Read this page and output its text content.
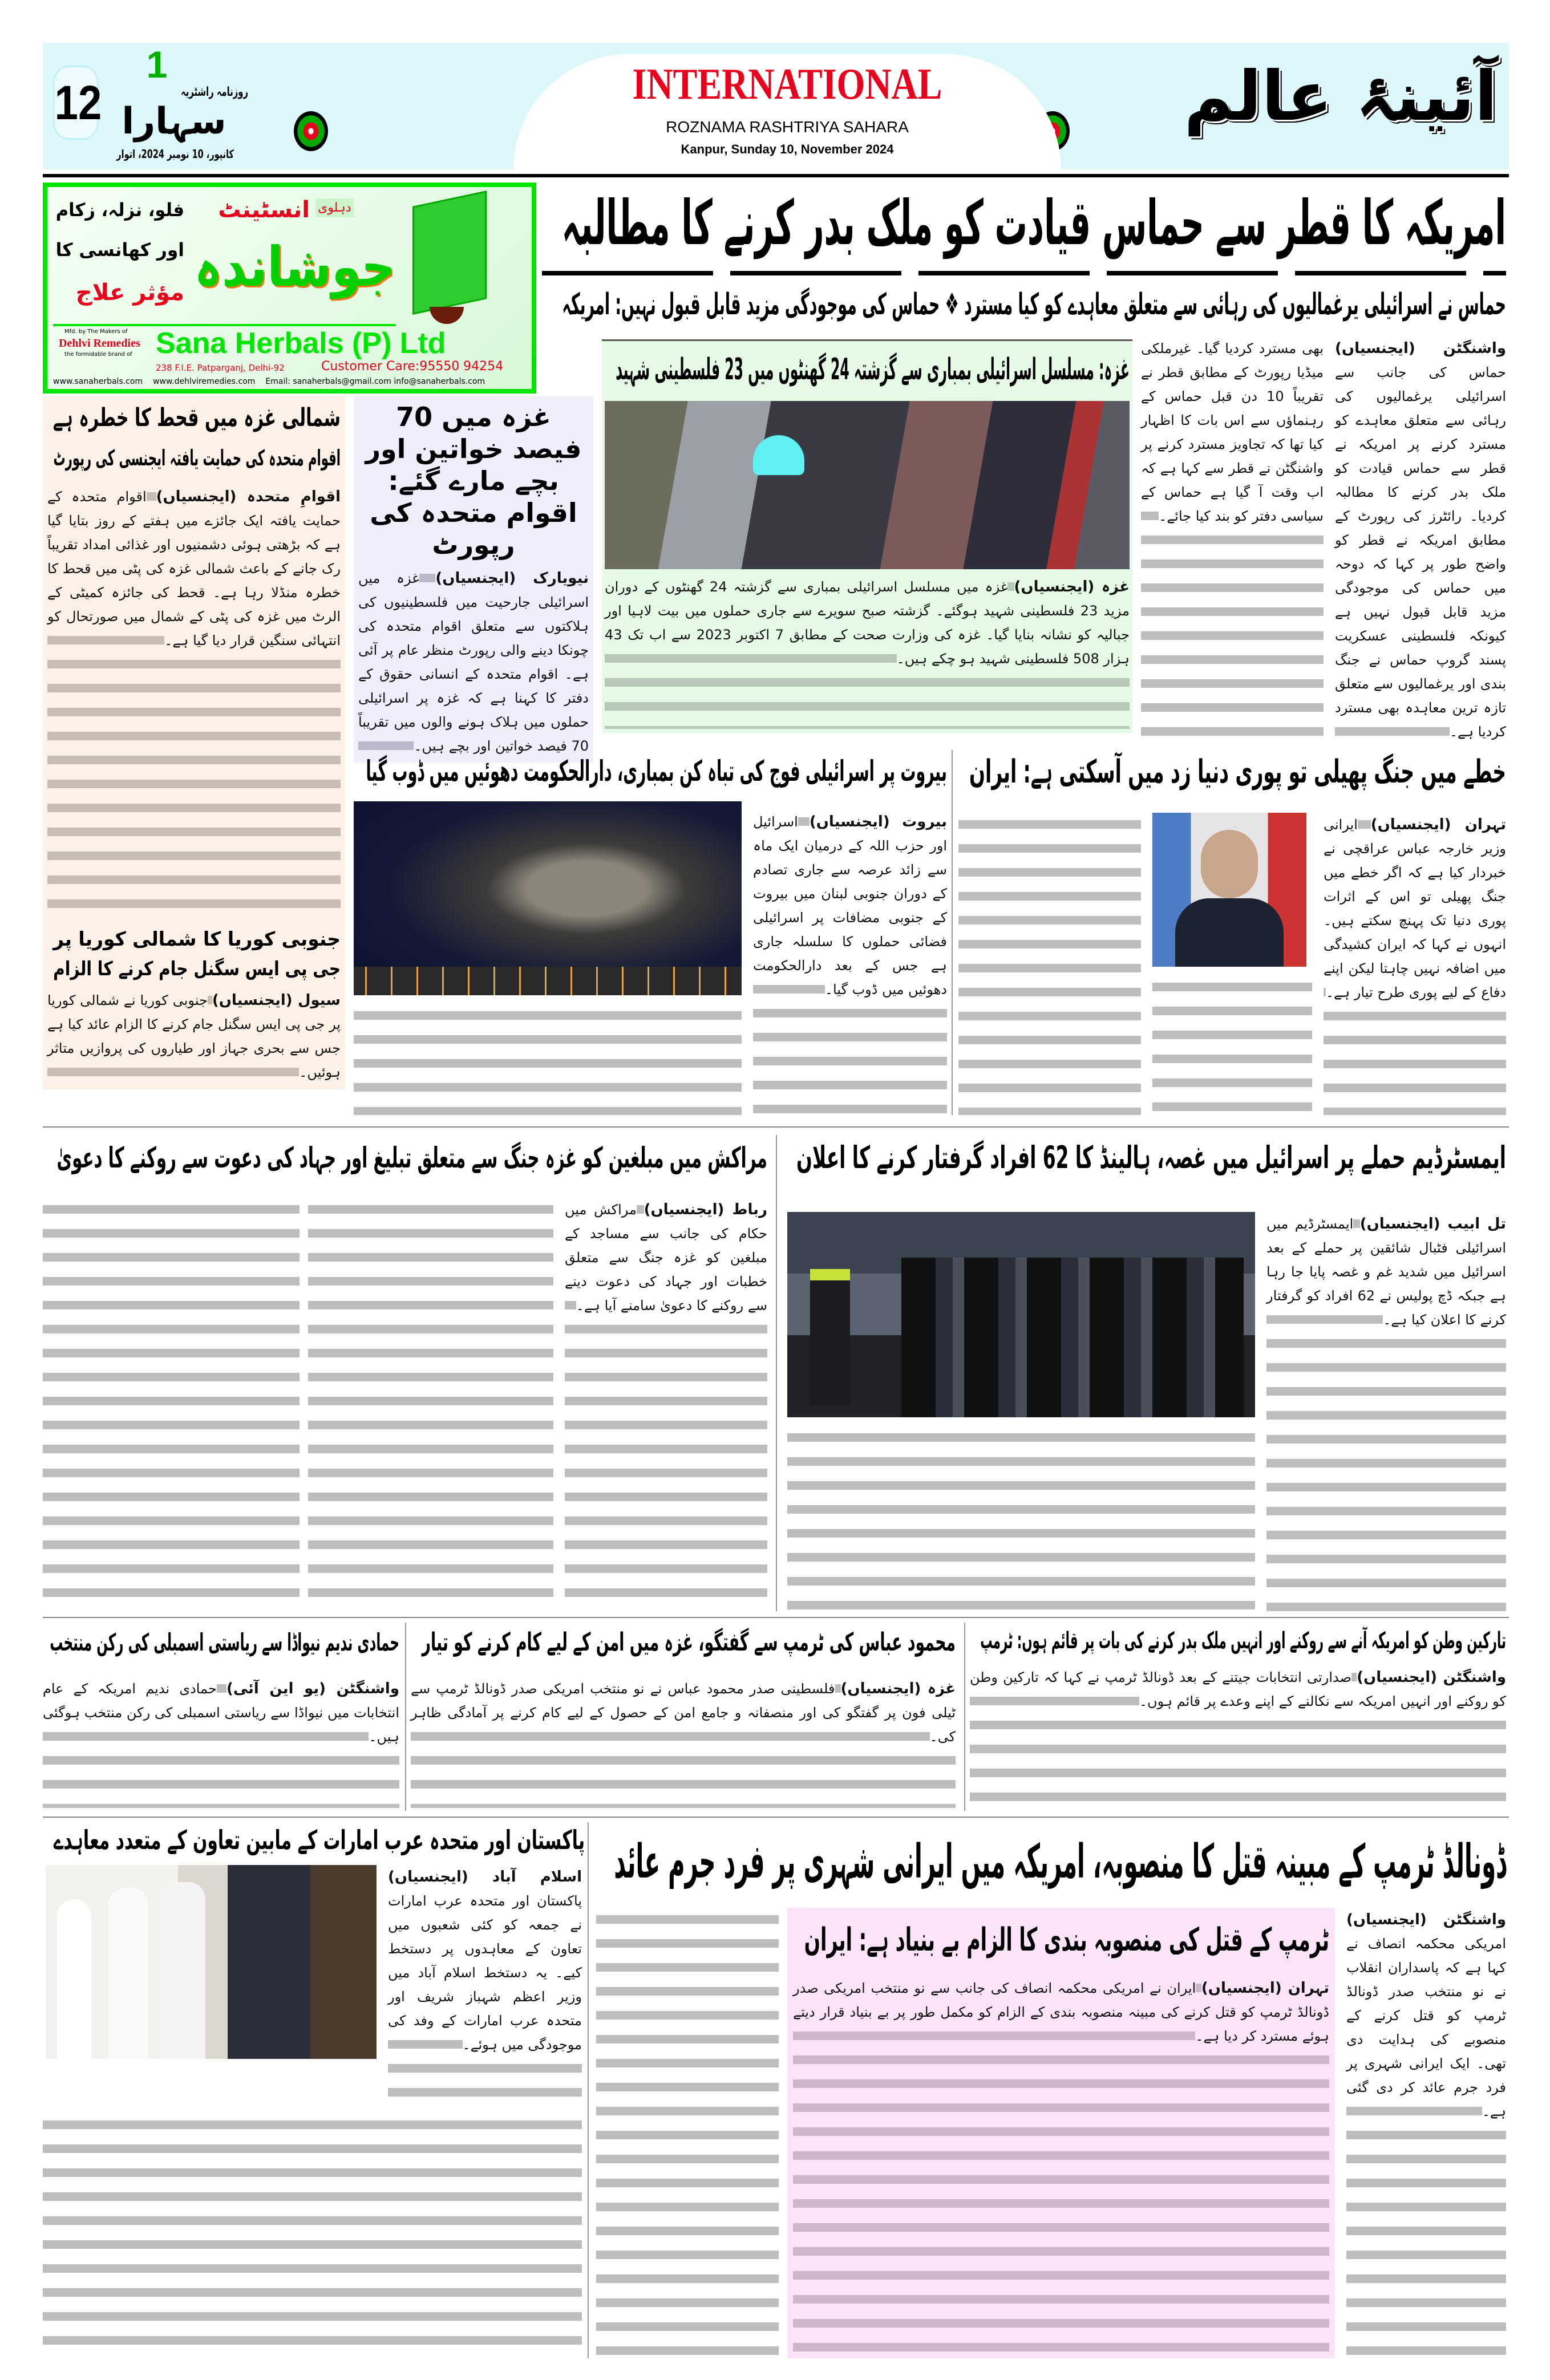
12
1
روزنامہ راشٹریہ
سہارا
کانپور، 10 نومبر 2024، اتوار
INTERNATIONAL
ROZNAMA RASHTRIYA SAHARA
Kanpur, Sunday 10, November 2024
آئینۂ عالم
فلو، نزلہ، زکام
اور کھانسی کا
مؤثر علاج
دہلوی
انسٹینٹ
جوشاندہ
Mfd. by The Makers of
Dehlvi Remedies
the formidable brand of Sana Herbals (P) Ltd
238 F.I.E. Patparganj, Delhi-92	Customer Care:95550 94254
www.sanaherbals.com www.dehlviremedies.com Email: sanaherbals@gmail.com info@sanaherbals.com
امریکہ کا قطر سے حماس قیادت کو ملک بدر کرنے کا مطالبہ
حماس نے اسرائیلی یرغمالیوں کی رہائی سے متعلق معاہدے کو کیا مسترد ❖ حماس کی موجودگی مزید قابل قبول نہیں: امریکہ
واشنگٹن (ایجنسیاں) حماس کی جانب سے اسرائیلی یرغمالیوں کی رہائی سے متعلق معاہدے کو مسترد کرنے پر امریکہ نے قطر سے حماس قیادت کو ملک بدر کرنے کا مطالبہ کردیا۔ رائٹرز کی رپورٹ کے مطابق امریکہ نے قطر کو واضح طور پر کہا کہ دوحہ میں حماس کی موجودگی مزید قابل قبول نہیں ہے کیونکہ فلسطینی عسکریت پسند گروپ حماس نے جنگ بندی اور یرغمالیوں سے متعلق تازہ ترین معاہدہ بھی مسترد کردیا ہے۔
بھی مسترد کردیا گیا۔ غیرملکی میڈیا رپورٹ کے مطابق قطر نے تقریباً 10 دن قبل حماس کے رہنماؤں سے اس بات کا اظہار کیا تھا کہ تجاویز مسترد کرنے پر واشنگٹن نے قطر سے کہا ہے کہ اب وقت آ گیا ہے حماس کے سیاسی دفتر کو بند کیا جائے۔
غزہ: مسلسل اسرائیلی بمباری سے گزشتہ 24 گھنٹوں میں 23 فلسطینی شہید
غزہ (ایجنسیاں) غزہ میں مسلسل اسرائیلی بمباری سے گزشتہ 24 گھنٹوں کے دوران مزید 23 فلسطینی شہید ہوگئے۔ گزشتہ صبح سویرے سے جاری حملوں میں بیت لاہیا اور جبالیہ کو نشانہ بنایا گیا۔ غزہ کی وزارت صحت کے مطابق 7 اکتوبر 2023 سے اب تک 43 ہزار 508 فلسطینی شہید ہو چکے ہیں۔
غزہ میں 70 فیصد خواتین اور بچے مارے گئے: اقوام متحدہ کی رپورٹ
نیویارک (ایجنسیاں) غزہ میں اسرائیلی جارحیت میں فلسطینیوں کی ہلاکتوں سے متعلق اقوام متحدہ کی چونکا دینے والی رپورٹ منظر عام پر آئی ہے۔ اقوام متحدہ کے انسانی حقوق کے دفتر کا کہنا ہے کہ غزہ پر اسرائیلی حملوں میں ہلاک ہونے والوں میں تقریباً 70 فیصد خواتین اور بچے ہیں۔
شمالی غزہ میں قحط کا خطرہ ہے
اقوام متحدہ کی حمایت یافتہ ایجنسی کی رپورٹ
اقوامِ متحدہ (ایجنسیاں) اقوام متحدہ کے حمایت یافتہ ایک جائزے میں ہفتے کے روز بتایا گیا ہے کہ بڑھتی ہوئی دشمنیوں اور غذائی امداد تقریباً رک جانے کے باعث شمالی غزہ کی پٹی میں قحط کا خطرہ منڈلا رہا ہے۔ قحط کی جائزہ کمیٹی کے الرٹ میں غزہ کی پٹی کے شمال میں صورتحال کو انتہائی سنگین قرار دیا گیا ہے۔
جنوبی کوریا کا شمالی کوریا پر
جی پی ایس سگنل جام کرنے کا الزام
سیول (ایجنسیاں) جنوبی کوریا نے شمالی کوریا پر جی پی ایس سگنل جام کرنے کا الزام عائد کیا ہے جس سے بحری جہاز اور طیاروں کی پروازیں متاثر ہوئیں۔
خطے میں جنگ پھیلی تو پوری دنیا زد میں آسکتی ہے: ایران
تہران (ایجنسیاں) ایرانی وزیر خارجہ عباس عراقچی نے خبردار کیا ہے کہ اگر خطے میں جنگ پھیلی تو اس کے اثرات پوری دنیا تک پہنچ سکتے ہیں۔ انہوں نے کہا کہ ایران کشیدگی میں اضافہ نہیں چاہتا لیکن اپنے دفاع کے لیے پوری طرح تیار ہے۔
بیروت پر اسرائیلی فوج کی تباہ کن بمباری، دارالحکومت دھوئیں میں ڈوب گیا
بیروت (ایجنسیاں) اسرائیل اور حزب اللہ کے درمیان ایک ماہ سے زائد عرصہ سے جاری تصادم کے دوران جنوبی لبنان میں بیروت کے جنوبی مضافات پر اسرائیلی فضائی حملوں کا سلسلہ جاری ہے جس کے بعد دارالحکومت دھوئیں میں ڈوب گیا۔
ایمسٹرڈیم حملے پر اسرائیل میں غصہ، ہالینڈ کا 62 افراد گرفتار کرنے کا اعلان
تل ابیب (ایجنسیاں) ایمسٹرڈیم میں اسرائیلی فٹبال شائقین پر حملے کے بعد اسرائیل میں شدید غم و غصہ پایا جا رہا ہے جبکہ ڈچ پولیس نے 62 افراد کو گرفتار کرنے کا اعلان کیا ہے۔
مراکش میں مبلغین کو غزہ جنگ سے متعلق تبلیغ اور جہاد کی دعوت سے روکنے کا دعویٰ
رباط (ایجنسیاں) مراکش میں حکام کی جانب سے مساجد کے مبلغین کو غزہ جنگ سے متعلق خطبات اور جہاد کی دعوت دینے سے روکنے کا دعویٰ سامنے آیا ہے۔
تارکین وطن کو امریکہ آنے سے روکنے اور انہیں ملک بدر کرنے کی بات پر قائم ہوں: ٹرمپ
واشنگٹن (ایجنسیاں) صدارتی انتخابات جیتنے کے بعد ڈونالڈ ٹرمپ نے کہا کہ تارکین وطن کو روکنے اور انہیں امریکہ سے نکالنے کے اپنے وعدے پر قائم ہوں۔
محمود عباس کی ٹرمپ سے گفتگو، غزہ میں امن کے لیے کام کرنے کو تیار
غزہ (ایجنسیاں) فلسطینی صدر محمود عباس نے نو منتخب امریکی صدر ڈونالڈ ٹرمپ سے ٹیلی فون پر گفتگو کی اور منصفانہ و جامع امن کے حصول کے لیے کام کرنے پر آمادگی ظاہر کی۔
حمادی ندیم نیواڈا سے ریاستی اسمبلی کی رکن منتخب
واشنگٹن (یو این آئی) حمادی ندیم امریکہ کے عام انتخابات میں نیواڈا سے ریاستی اسمبلی کی رکن منتخب ہوگئی ہیں۔
پاکستان اور متحدہ عرب امارات کے مابین تعاون کے متعدد معاہدے
اسلام آباد (ایجنسیاں) پاکستان اور متحدہ عرب امارات نے جمعہ کو کئی شعبوں میں تعاون کے معاہدوں پر دستخط کیے۔ یہ دستخط اسلام آباد میں وزیر اعظم شہباز شریف اور متحدہ عرب امارات کے وفد کی موجودگی میں ہوئے۔
ڈونالڈ ٹرمپ کے مبینہ قتل کا منصوبہ، امریکہ میں ایرانی شہری پر فرد جرم عائد
واشنگٹن (ایجنسیاں) امریکی محکمہ انصاف نے کہا ہے کہ پاسداران انقلاب نے نو منتخب صدر ڈونالڈ ٹرمپ کو قتل کرنے کے منصوبے کی ہدایت دی تھی۔ ایک ایرانی شہری پر فرد جرم عائد کر دی گئی ہے۔
ٹرمپ کے قتل کی منصوبہ بندی کا الزام بے بنیاد ہے: ایران
تہران (ایجنسیاں) ایران نے امریکی محکمہ انصاف کی جانب سے نو منتخب امریکی صدر ڈونالڈ ٹرمپ کو قتل کرنے کی مبینہ منصوبہ بندی کے الزام کو مکمل طور پر بے بنیاد قرار دیتے ہوئے مسترد کر دیا ہے۔
